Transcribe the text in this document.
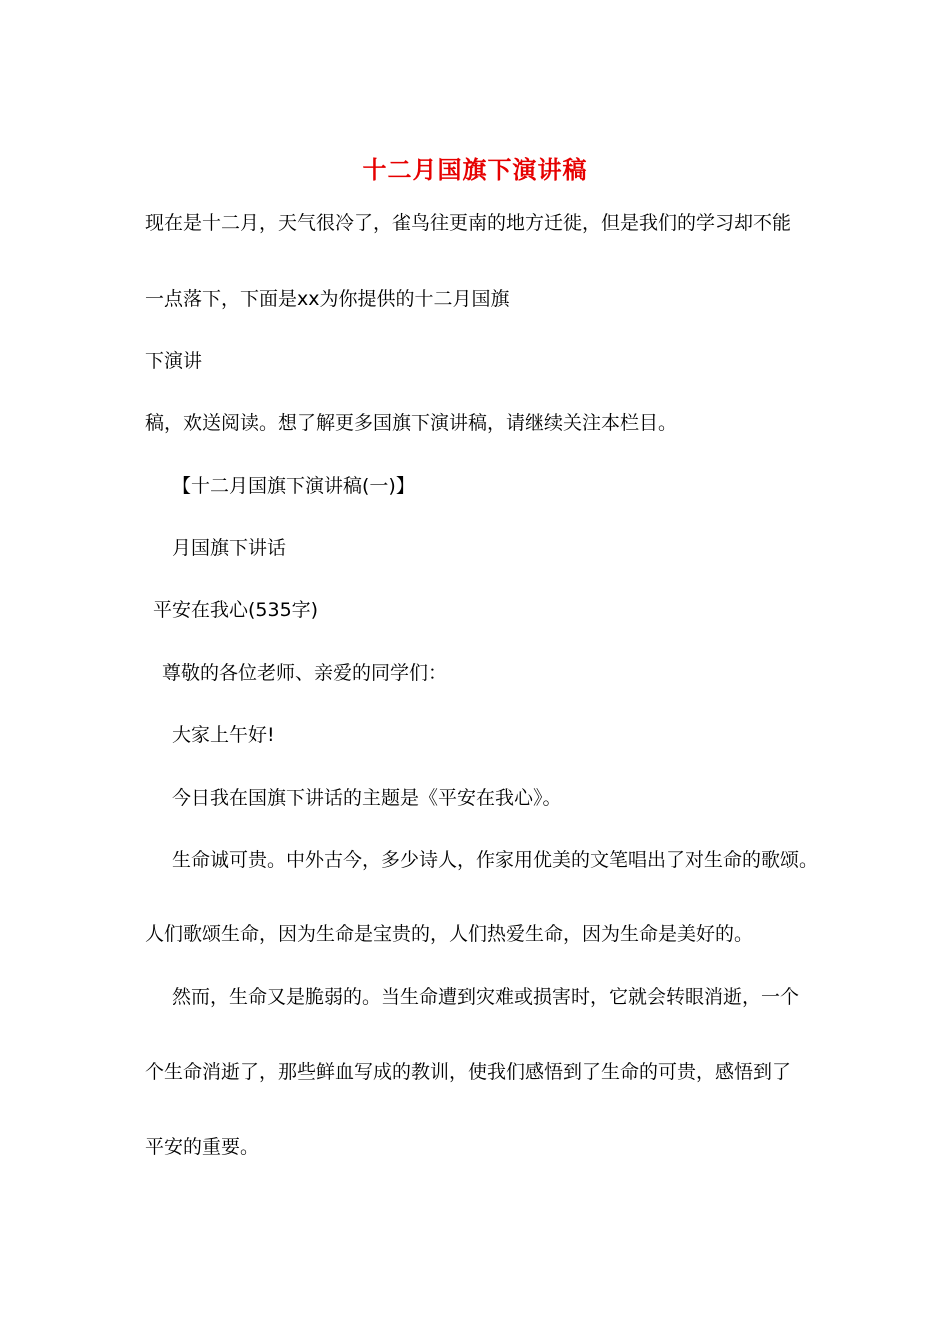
十二月国旗下演讲稿
现在是十二月，天气很冷了，雀鸟往更南的地方迁徙，但是我们的学习却不能
一点落下，下面是xx为你提供的十二月国旗
下演讲
稿，欢送阅读。想了解更多国旗下演讲稿，请继续关注本栏目。
【十二月国旗下演讲稿(一)】
月国旗下讲话
平安在我心(535字)
尊敬的各位老师、亲爱的同学们：
大家上午好!
今日我在国旗下讲话的主题是《平安在我心》。
生命诚可贵。中外古今，多少诗人，作家用优美的文笔唱出了对生命的歌颂。
人们歌颂生命，因为生命是宝贵的，人们热爱生命，因为生命是美好的。
然而，生命又是脆弱的。当生命遭到灾难或损害时，它就会转眼消逝，一个
个生命消逝了，那些鲜血写成的教训，使我们感悟到了生命的可贵，感悟到了
平安的重要。
